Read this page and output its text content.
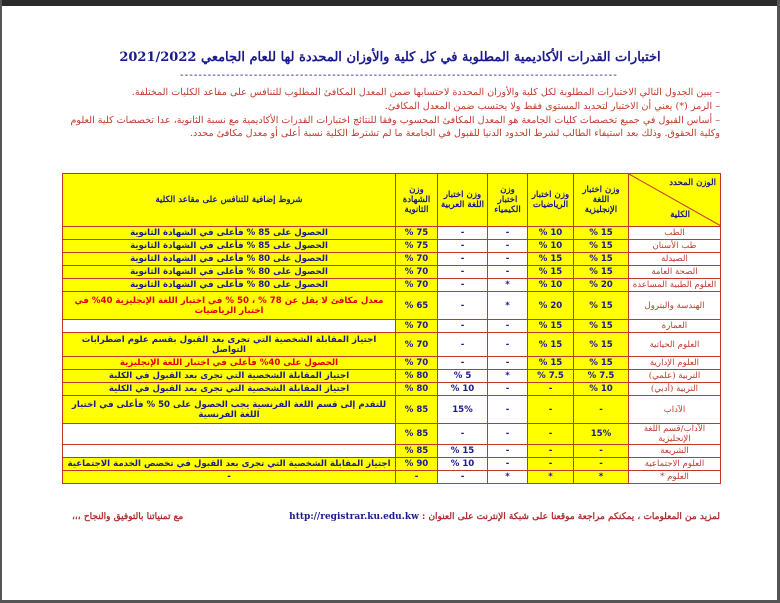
اختبارات القدرات الأكاديمية المطلوبة في كل كلية والأوزان المحددة لها للعام الجامعي 2021/2022
-----------------------------------------------------------------------------------------------

– يبين الجدول التالي الاختبارات المطلوبة لكل كلية والأوزان المحددة لاحتسابها ضمن المعدل المكافئ المطلوب للتنافس على مقاعد الكليات المختلفة.

– الرمز (*) يعني أن الاختبار لتحديد المستوى فقط ولا يحتسب ضمن المعدل المكافئ.

– أساس القبول في جميع تخصصات كليات الجامعة هو المعدل المكافئ المحسوب وفقا للنتائج اختبارات القدرات الأكاديمية مع نسبة الثانوية، عدا تخصصات كلية العلوم وكلية الحقوق. وذلك بعد استيفاء الطالب لشرط الحدود الدنيا للقبول في الجامعة ما لم تشترط الكلية نسبة أعلى أو معدل مكافئ محدد.

الوزن المحدد
الكلية	وزن اختبار اللغة الإنجليزية	وزن اختبار الرياضيات	وزن اختبار الكيمياء	وزن اختبار اللغة العربية	وزن الشهادة الثانوية	شروط إضافية للتنافس على مقاعد الكلية
الطب	15 %	10 %	-	-	75 %	الحصول على 85 % فأعلى في الشهادة الثانوية
طب الأسنان	15 %	10 %	-	-	75 %	الحصول على 85 % فأعلى في الشهادة الثانوية
الصيدلة	15 %	15 %	-	-	70 %	الحصول على 80 % فأعلى في الشهادة الثانوية
الصحة العامة	15 %	15 %	-	-	70 %	الحصول على 80 % فأعلى في الشهادة الثانوية
العلوم الطبية المساعدة	20 %	10 %	*	-	70 %	الحصول على 80 % فأعلى في الشهادة الثانوية
الهندسة والبترول	15 %	20 %	*	-	65 %	معدل مكافئ لا يقل عن 78 % ، 50 % في اختبار اللغة الإنجليزية 40% في اختبار الرياضيات
العمارة	15 %	15 %	-	-	70 %	
العلوم الحياتية	15 %	15 %	-	-	70 %	اجتياز المقابلة الشخصية التي تجرى بعد القبول بقسم علوم اضطرابات التواصل
العلوم الإدارية	15 %	15 %	-	-	70 %	الحصول على 40% فأعلى في اختبار اللغة الإنجليزية
التربية (علمي)	7.5 %	7.5 %	*	5 %	80 %	اجتياز المقابلة الشخصية التي تجرى بعد القبول في الكلية
التربية (أدبي)	10 %	-	-	10 %	80 %	اجتياز المقابلة الشخصية التي تجرى بعد القبول في الكلية
الآداب	-	-	-	15%	85 %	للتقدم إلى قسم اللغة الفرنسية يجب الحصول على 50 % فأعلى في اختبار اللغة الفرنسية
الآداب/قسم اللغة الإنجليزية	15%	-	-	-	85 %	
الشريعة	-	-	-	15 %	85 %	
العلوم الاجتماعية	-	-	-	10 %	90 %	اجتياز المقابلة الشخصية التي تجرى بعد القبول في تخصص الخدمة الاجتماعية
العلوم *	*	*	*	-	-	-
لمزيد من المعلومات ، يمكنكم مراجعة موقعنا على شبكة الإنترنت على العنوان : http://registrar.ku.edu.kw
مع تمنياتنا بالتوفيق والنجاح ،،،
